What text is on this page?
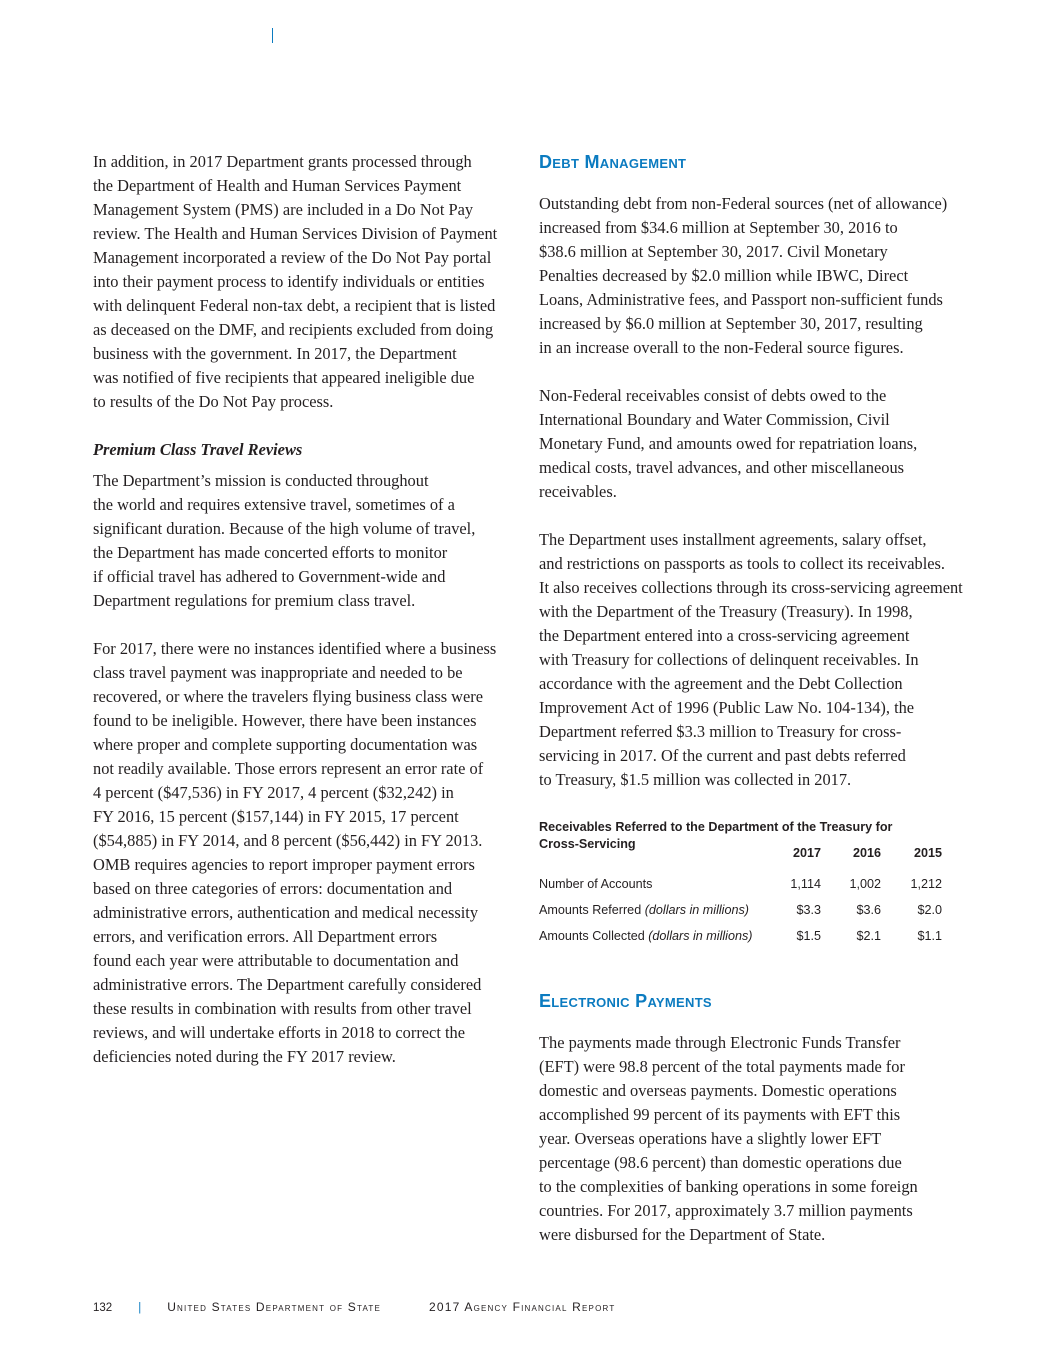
In addition, in 2017 Department grants processed through
the Department of Health and Human Services Payment
Management System (PMS) are included in a Do Not Pay
review. The Health and Human Services Division of Payment
Management incorporated a review of the Do Not Pay portal
into their payment process to identify individuals or entities
with delinquent Federal non-tax debt, a recipient that is listed
as deceased on the DMF, and recipients excluded from doing
business with the government. In 2017, the Department
was notified of five recipients that appeared ineligible due
to results of the Do Not Pay process.

Premium Class Travel Reviews

The Department’s mission is conducted throughout
the world and requires extensive travel, sometimes of a
significant duration. Because of the high volume of travel,
the Department has made concerted efforts to monitor
if official travel has adhered to Government-wide and
Department regulations for premium class travel.

For 2017, there were no instances identified where a business
class travel payment was inappropriate and needed to be
recovered, or where the travelers flying business class were
found to be ineligible. However, there have been instances
where proper and complete supporting documentation was
not readily available. Those errors represent an error rate of
4 percent ($47,536) in FY 2017, 4 percent ($32,242) in
FY 2016, 15 percent ($157,144) in FY 2015, 17 percent
($54,885) in FY 2014, and 8 percent ($56,442) in FY 2013.
OMB requires agencies to report improper payment errors
based on three categories of errors: documentation and
administrative errors, authentication and medical necessity
errors, and verification errors. All Department errors
found each year were attributable to documentation and
administrative errors. The Department carefully considered
these results in combination with results from other travel
reviews, and will undertake efforts in 2018 to correct the
deficiencies noted during the FY 2017 review.

Debt Management

Outstanding debt from non-Federal sources (net of allowance)
increased from $34.6 million at September 30, 2016 to
$38.6 million at September 30, 2017. Civil Monetary
Penalties decreased by $2.0 million while IBWC, Direct
Loans, Administrative fees, and Passport non-sufficient funds
increased by $6.0 million at September 30, 2017, resulting
in an increase overall to the non-Federal source figures.

Non-Federal receivables consist of debts owed to the
International Boundary and Water Commission, Civil
Monetary Fund, and amounts owed for repatriation loans,
medical costs, travel advances, and other miscellaneous
receivables.

The Department uses installment agreements, salary offset,
and restrictions on passports as tools to collect its receivables.
It also receives collections through its cross-servicing agreement
with the Department of the Treasury (Treasury). In 1998,
the Department entered into a cross-servicing agreement
with Treasury for collections of delinquent receivables. In
accordance with the agreement and the Debt Collection
Improvement Act of 1996 (Public Law No. 104-134), the
Department referred $3.3 million to Treasury for cross-
servicing in 2017. Of the current and past debts referred
to Treasury, $1.5 million was collected in 2017.

Receivables Referred to the Department of the Treasury for
Cross-Servicing
	2017	2016	2015

Number of Accounts	1,114	1,002	1,212
Amounts Referred (dollars in millions)	$3.3	$3.6	$2.0
Amounts Collected (dollars in millions)	$1.5	$2.1	$1.1
Electronic Payments

The payments made through Electronic Funds Transfer
(EFT) were 98.8 percent of the total payments made for
domestic and overseas payments. Domestic operations
accomplished 99 percent of its payments with EFT this
year. Overseas operations have a slightly lower EFT
percentage (98.6 percent) than domestic operations due
to the complexities of banking operations in some foreign
countries. For 2017, approximately 3.7 million payments
were disbursed for the Department of State.

132 | United States Department of State	2017 Agency Financial Report
